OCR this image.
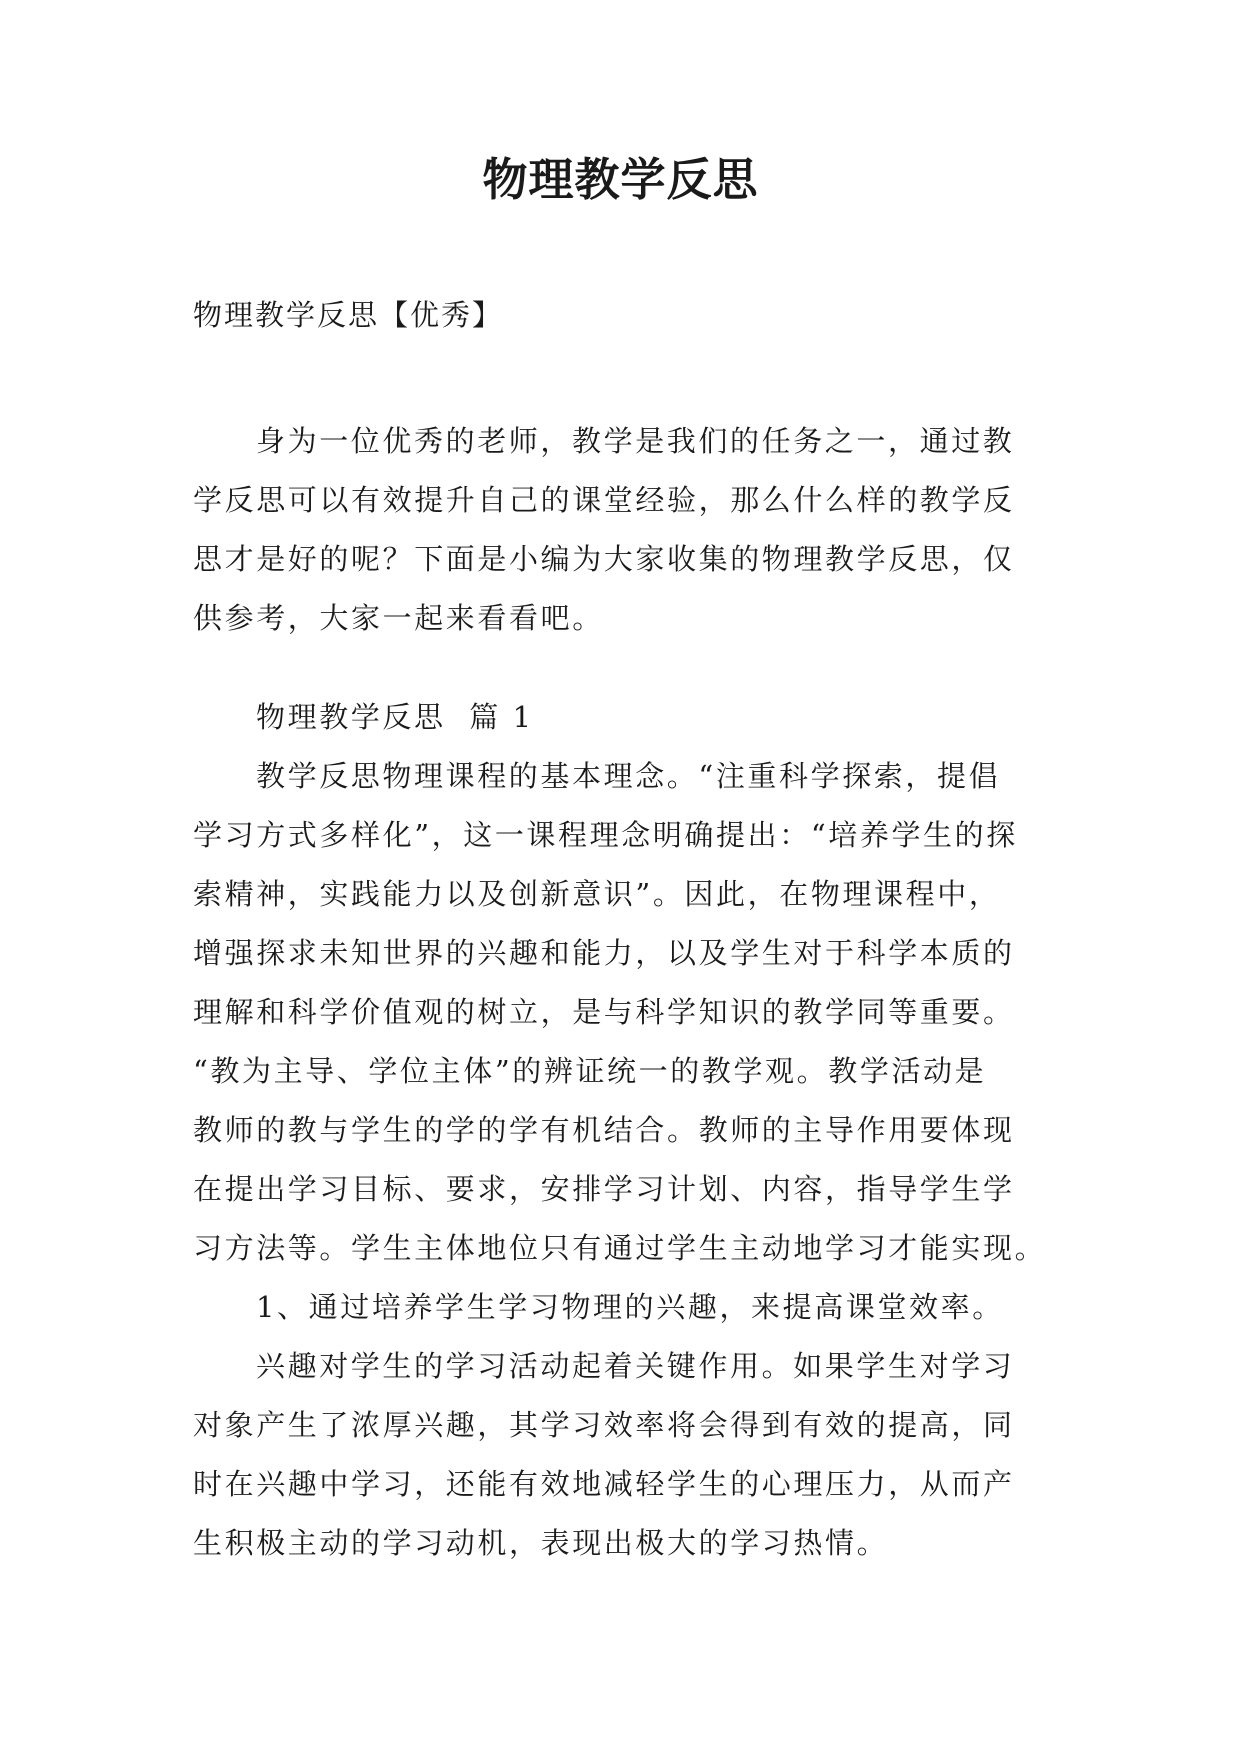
物理教学反思
物理教学反思【优秀】
身为一位优秀的老师，教学是我们的任务之一，通过教
学反思可以有效提升自己的课堂经验，那么什么样的教学反
思才是好的呢？下面是小编为大家收集的物理教学反思，仅
供参考，大家一起来看看吧。
物理教学反思  篇 1
教学反思物理课程的基本理念。“注重科学探索，提倡
学习方式多样化”，这一课程理念明确提出：“培养学生的探
索精神，实践能力以及创新意识”。因此，在物理课程中，
增强探求未知世界的兴趣和能力，以及学生对于科学本质的
理解和科学价值观的树立，是与科学知识的教学同等重要。
“教为主导、学位主体”的辨证统一的教学观。教学活动是
教师的教与学生的学的学有机结合。教师的主导作用要体现
在提出学习目标、要求，安排学习计划、内容，指导学生学
习方法等。学生主体地位只有通过学生主动地学习才能实现。
1、通过培养学生学习物理的兴趣，来提高课堂效率。
兴趣对学生的学习活动起着关键作用。如果学生对学习
对象产生了浓厚兴趣，其学习效率将会得到有效的提高，同
时在兴趣中学习，还能有效地减轻学生的心理压力，从而产
生积极主动的学习动机，表现出极大的学习热情。
